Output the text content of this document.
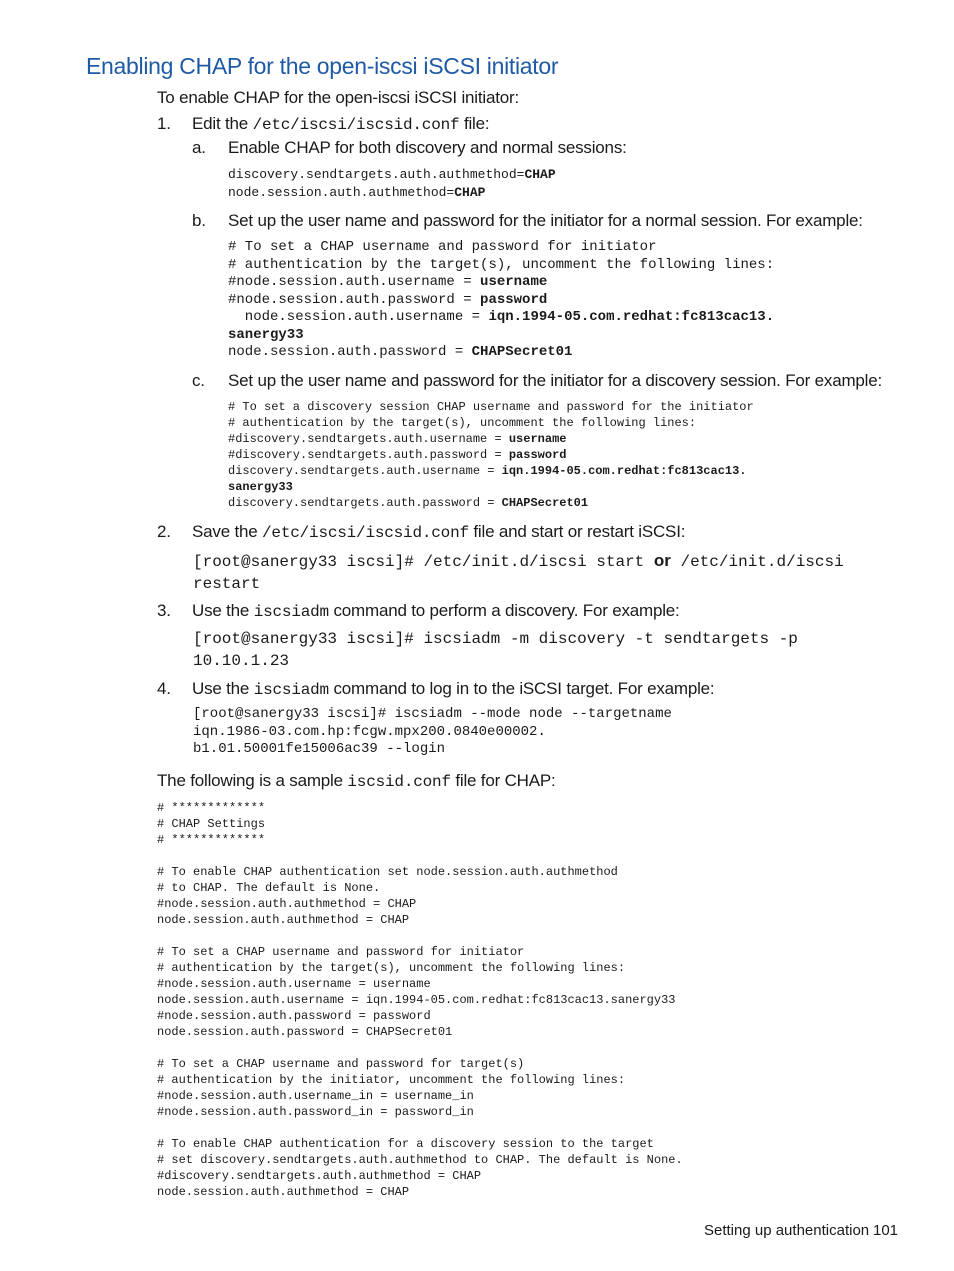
Enabling CHAP for the open-iscsi iSCSI initiator
To enable CHAP for the open-iscsi iSCSI initiator:
1. Edit the /etc/iscsi/iscsid.conf file:
a. Enable CHAP for both discovery and normal sessions:
discovery.sendtargets.auth.authmethod=CHAP
node.session.auth.authmethod=CHAP
b. Set up the user name and password for the initiator for a normal session. For example:
# To set a CHAP username and password for initiator
# authentication by the target(s), uncomment the following lines:
#node.session.auth.username = username
#node.session.auth.password = password
node.session.auth.username = iqn.1994-05.com.redhat:fc813cac13.
sanergy33
node.session.auth.password = CHAPSecret01
c. Set up the user name and password for the initiator for a discovery session. For example:
# To set a discovery session CHAP username and password for the initiator
# authentication by the target(s), uncomment the following lines:
#discovery.sendtargets.auth.username = username
#discovery.sendtargets.auth.password = password
discovery.sendtargets.auth.username = iqn.1994-05.com.redhat:fc813cac13.
sanergy33
discovery.sendtargets.auth.password = CHAPSecret01
2. Save the /etc/iscsi/iscsid.conf file and start or restart iSCSI:
[root@sanergy33 iscsi]# /etc/init.d/iscsi start or /etc/init.d/iscsi
restart
3. Use the iscsiadm command to perform a discovery. For example:
[root@sanergy33 iscsi]# iscsiadm -m discovery -t sendtargets -p
10.10.1.23
4. Use the iscsiadm command to log in to the iSCSI target. For example:
[root@sanergy33 iscsi]# iscsiadm --mode node --targetname
iqn.1986-03.com.hp:fcgw.mpx200.0840e00002.
b1.01.50001fe15006ac39 --login
The following is a sample iscsid.conf file for CHAP:
# *************
# CHAP Settings
# *************
# To enable CHAP authentication set node.session.auth.authmethod
# to CHAP. The default is None.
#node.session.auth.authmethod = CHAP
node.session.auth.authmethod = CHAP
# To set a CHAP username and password for initiator
# authentication by the target(s), uncomment the following lines:
#node.session.auth.username = username
node.session.auth.username = iqn.1994-05.com.redhat:fc813cac13.sanergy33
#node.session.auth.password = password
node.session.auth.password = CHAPSecret01
# To set a CHAP username and password for target(s)
# authentication by the initiator, uncomment the following lines:
#node.session.auth.username_in = username_in
#node.session.auth.password_in = password_in
# To enable CHAP authentication for a discovery session to the target
# set discovery.sendtargets.auth.authmethod to CHAP. The default is None.
#discovery.sendtargets.auth.authmethod = CHAP
node.session.auth.authmethod = CHAP
Setting up authentication 101
